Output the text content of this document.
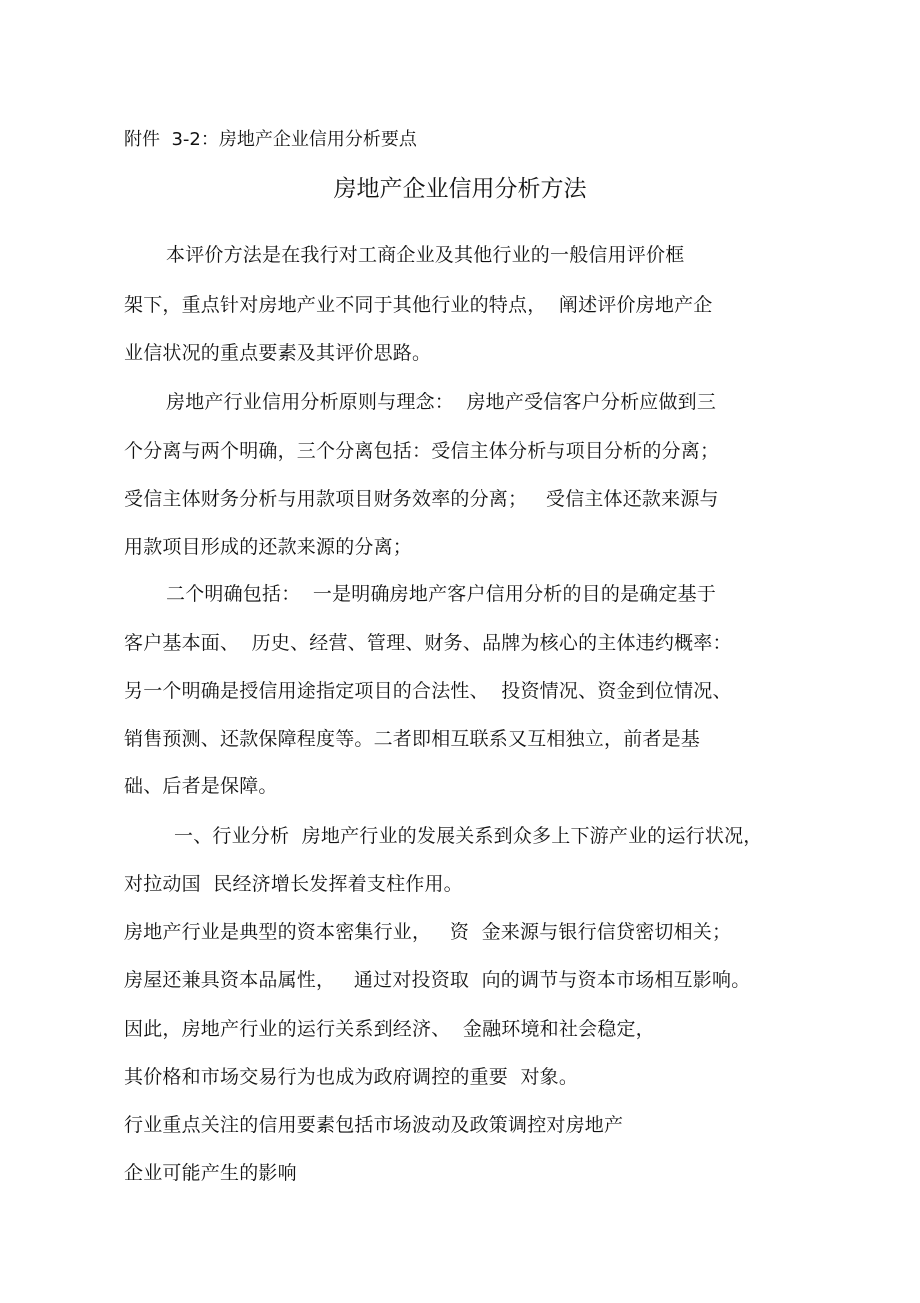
附件  3-2：房地产企业信用分析要点
房地产企业信用分析方法
本评价方法是在我行对工商企业及其他行业的一般信用评价框
架下，重点针对房地产业不同于其他行业的特点，  阐述评价房地产企
业信状况的重点要素及其评价思路。
房地产行业信用分析原则与理念：  房地产受信客户分析应做到三
个分离与两个明确，三个分离包括：受信主体分析与项目分析的分离；
受信主体财务分析与用款项目财务效率的分离；   受信主体还款来源与
用款项目形成的还款来源的分离；
二个明确包括：  一是明确房地产客户信用分析的目的是确定基于
客户基本面、  历史、经营、管理、财务、品牌为核心的主体违约概率：
另一个明确是授信用途指定项目的合法性、  投资情况、资金到位情况、
销售预测、还款保障程度等。二者即相互联系又互相独立，前者是基
础、后者是保障。
一、行业分析  房地产行业的发展关系到众多上下游产业的运行状况，
对拉动国  民经济增长发挥着支柱作用。
房地产行业是典型的资本密集行业，   资  金来源与银行信贷密切相关；
房屋还兼具资本品属性，   通过对投资取  向的调节与资本市场相互影响。
因此，房地产行业的运行关系到经济、  金融环境和社会稳定，
其价格和市场交易行为也成为政府调控的重要  对象。
行业重点关注的信用要素包括市场波动及政策调控对房地产
企业可能产生的影响
